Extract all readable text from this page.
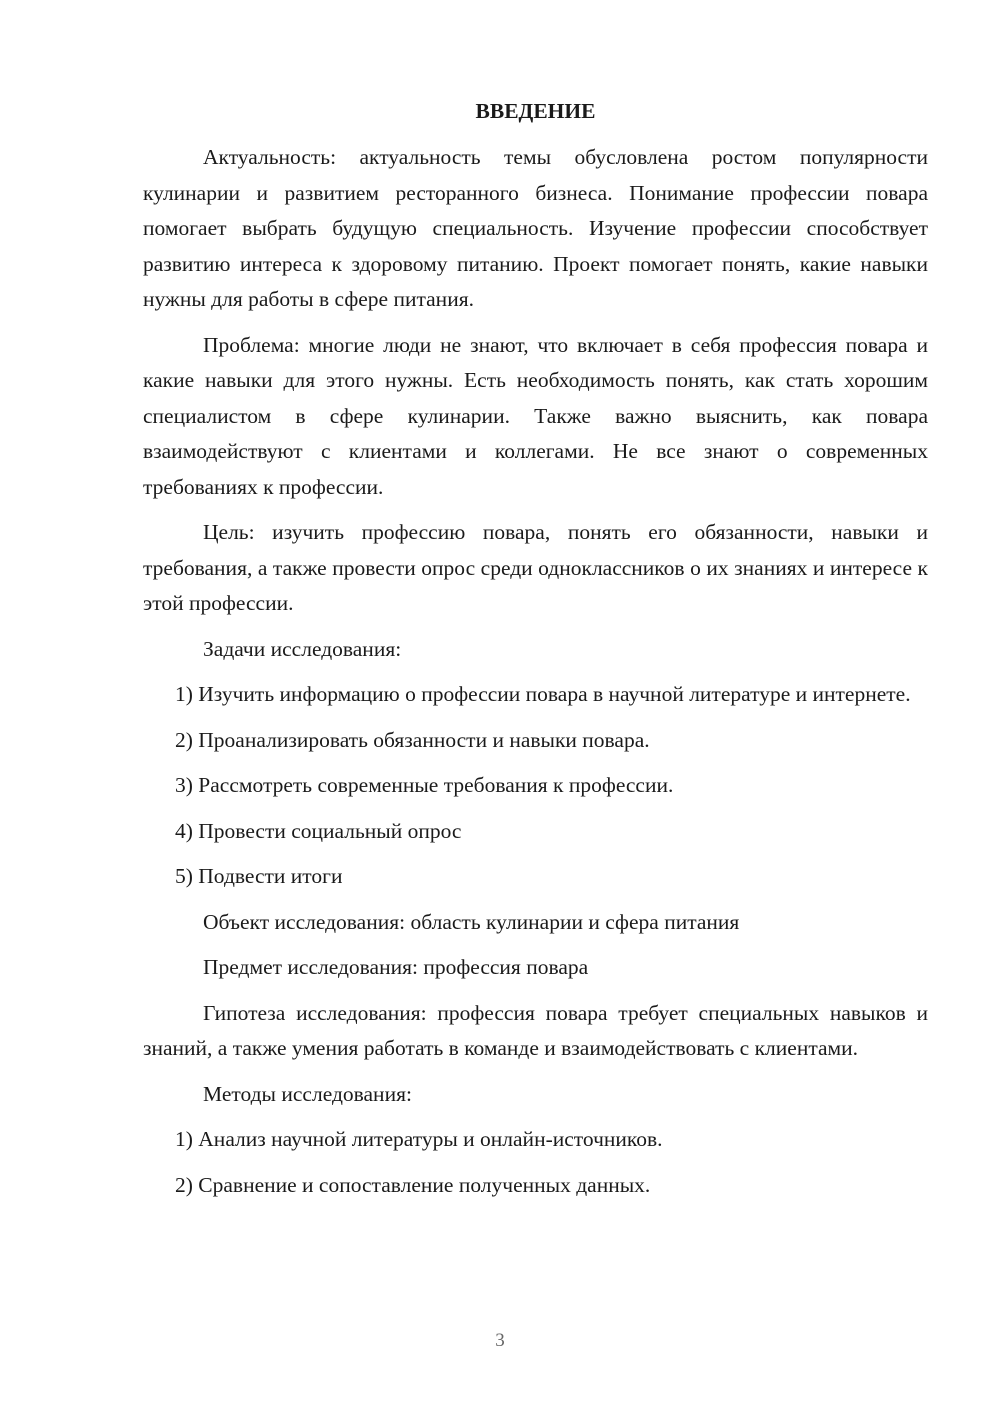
ВВЕДЕНИЕ

Актуальность: актуальность темы обусловлена ростом популярности кулинарии и развитием ресторанного бизнеса. Понимание профессии повара помогает выбрать будущую специальность. Изучение профессии способствует развитию интереса к здоровому питанию. Проект помогает понять, какие навыки нужны для работы в сфере питания.

Проблема: многие люди не знают, что включает в себя профессия повара и какие навыки для этого нужны. Есть необходимость понять, как стать хорошим специалистом в сфере кулинарии. Также важно выяснить, как повара взаимодействуют с клиентами и коллегами. Не все знают о современных требованиях к профессии.

Цель: изучить профессию повара, понять его обязанности, навыки и требования, а также провести опрос среди одноклассников о их знаниях и интересе к этой профессии.

Задачи исследования:

1) Изучить информацию о профессии повара в научной литературе и интернете.

2) Проанализировать обязанности и навыки повара.

3) Рассмотреть современные требования к профессии.

4) Провести социальный опрос

5) Подвести итоги

Объект исследования: область кулинарии и сфера питания
Предмет исследования: профессия повара

Гипотеза исследования: профессия повара требует специальных навыков и знаний, а также умения работать в команде и взаимодействовать с клиентами.

Методы исследования:

1) Анализ научной литературы и онлайн-источников.

2) Сравнение и сопоставление полученных данных.

3
